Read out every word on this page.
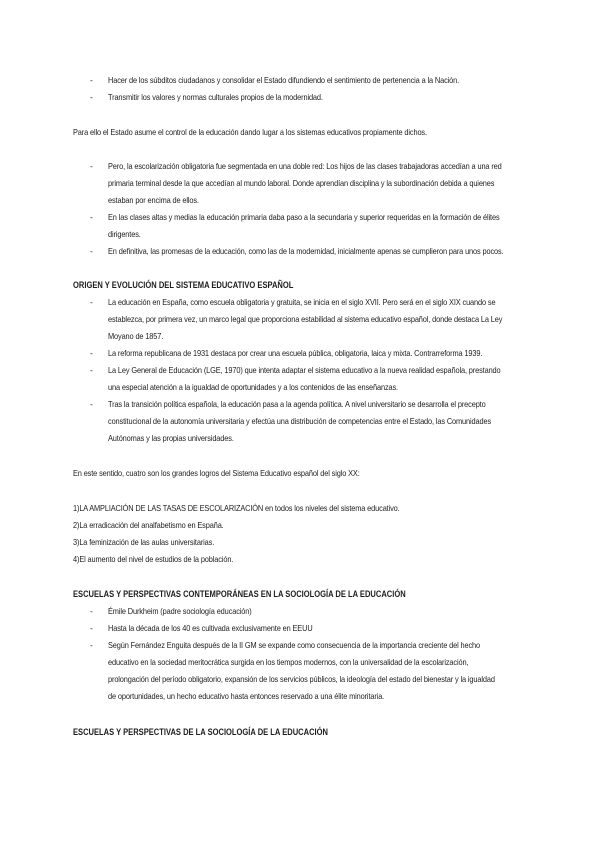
- Hacer de los súbditos ciudadanos y consolidar el Estado difundiendo el sentimiento de pertenencia a la Nación.
- Transmitir los valores y normas culturales propios de la modernidad.
Para ello el Estado asume el control de la educación dando lugar a los sistemas educativos propiamente dichos.
- Pero, la escolarización obligatoria fue segmentada en una doble red: Los hijos de las clases trabajadoras accedían a una red
primaria terminal desde la que accedían al mundo laboral. Donde aprendían disciplina y la subordinación debida a quienes
estaban por encima de ellos.
- En las clases altas y medias la educación primaria daba paso a la secundaria y superior requeridas en la formación de élites
dirigentes.
- En definitiva, las promesas de la educación, como las de la modernidad, inicialmente apenas se cumplieron para unos pocos.
ORIGEN Y EVOLUCIÓN DEL SISTEMA EDUCATIVO ESPAÑOL
- La educación en España, como escuela obligatoria y gratuita, se inicia en el siglo XVII. Pero será en el siglo XIX cuando se
establezca, por primera vez, un marco legal que proporciona estabilidad al sistema educativo español, donde destaca La Ley
Moyano de 1857.
- La reforma republicana de 1931 destaca por crear una escuela pública, obligatoria, laica y mixta. Contrarreforma 1939.
- La Ley General de Educación (LGE, 1970) que intenta adaptar el sistema educativo a la nueva realidad española, prestando
una especial atención a la igualdad de oportunidades y a los contenidos de las enseñanzas.
- Tras la transición política española, la educación pasa a la agenda política. A nivel universitario se desarrolla el precepto
constitucional de la autonomía universitaria y efectúa una distribución de competencias entre el Estado, las Comunidades
Autónomas y las propias universidades.
En este sentido, cuatro son los grandes logros del Sistema Educativo español del siglo XX:
1)LA AMPLIACIÓN DE LAS TASAS DE ESCOLARIZACIÓN en todos los niveles del sistema educativo.
2)La erradicación del analfabetismo en España.
3)La feminización de las aulas universitarias.
4)El aumento del nivel de estudios de la población.
ESCUELAS Y PERSPECTIVAS CONTEMPORÁNEAS EN LA SOCIOLOGÍA DE LA EDUCACIÓN
- Émile Durkheim (padre sociología educación)
- Hasta la década de los 40 es cultivada exclusivamente en EEUU
- Según Fernández Enguita después de la II GM se expande como consecuencia de la importancia creciente del hecho
educativo en la sociedad meritocrática surgida en los tiempos modernos, con la universalidad de la escolarización,
prolongación del período obligatorio, expansión de los servicios públicos, la ideología del estado del bienestar y la igualdad
de oportunidades, un hecho educativo hasta entonces reservado a una élite minoritaria.
ESCUELAS Y PERSPECTIVAS DE LA SOCIOLOGÍA DE LA EDUCACIÓN
